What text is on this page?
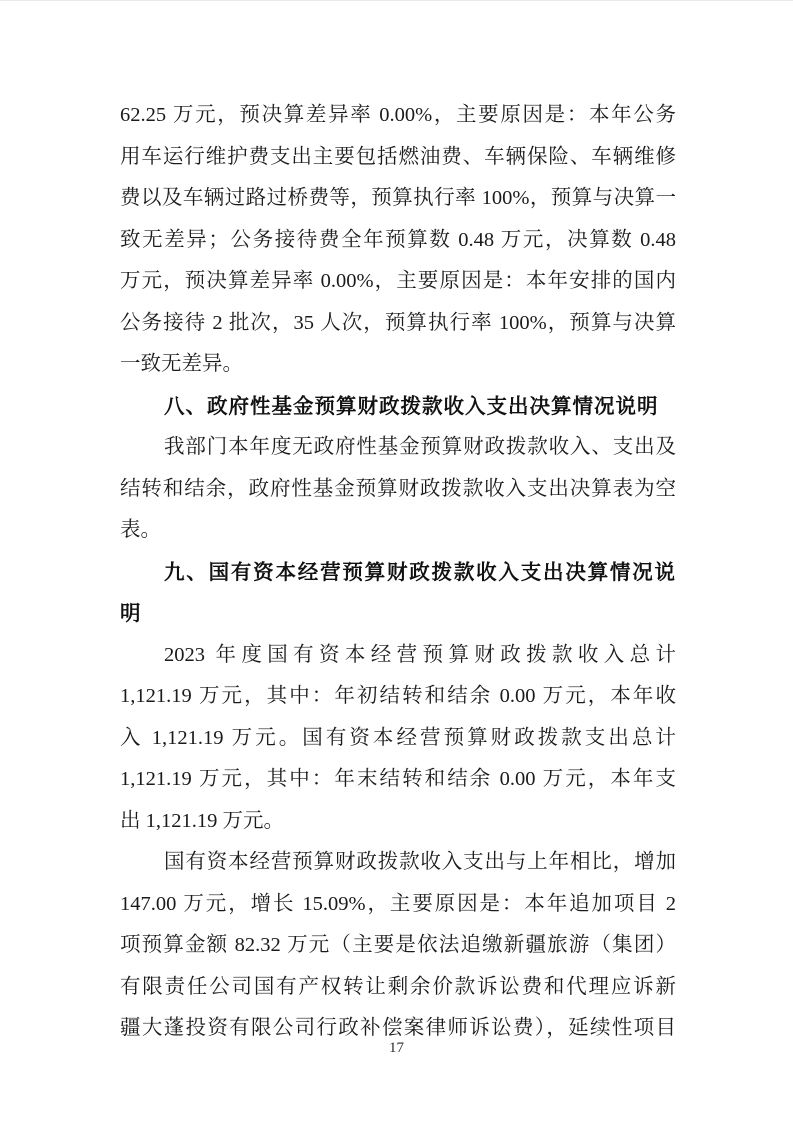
62.25 万元，预决算差异率 0.00%，主要原因是：本年公务
用车运行维护费支出主要包括燃油费、车辆保险、车辆维修
费以及车辆过路过桥费等，预算执行率 100%，预算与决算一
致无差异；公务接待费全年预算数 0.48 万元，决算数 0.48
万元，预决算差异率 0.00%，主要原因是：本年安排的国内
公务接待 2 批次，35 人次，预算执行率 100%，预算与决算
一致无差异。
八、政府性基金预算财政拨款收入支出决算情况说明
我部门本年度无政府性基金预算财政拨款收入、支出及
结转和结余，政府性基金预算财政拨款收入支出决算表为空
表。
九、国有资本经营预算财政拨款收入支出决算情况说明
2023 年度国有资本经营预算财政拨款收入总计
1,121.19 万元，其中：年初结转和结余 0.00 万元，本年收
入 1,121.19 万元。国有资本经营预算财政拨款支出总计
1,121.19 万元，其中：年末结转和结余 0.00 万元，本年支
出 1,121.19 万元。
国有资本经营预算财政拨款收入支出与上年相比，增加
147.00 万元，增长 15.09%，主要原因是：本年追加项目 2
项预算金额 82.32 万元（主要是依法追缴新疆旅游（集团）
有限责任公司国有产权转让剩余价款诉讼费和代理应诉新
疆大蓬投资有限公司行政补偿案律师诉讼费），延续性项目
17
